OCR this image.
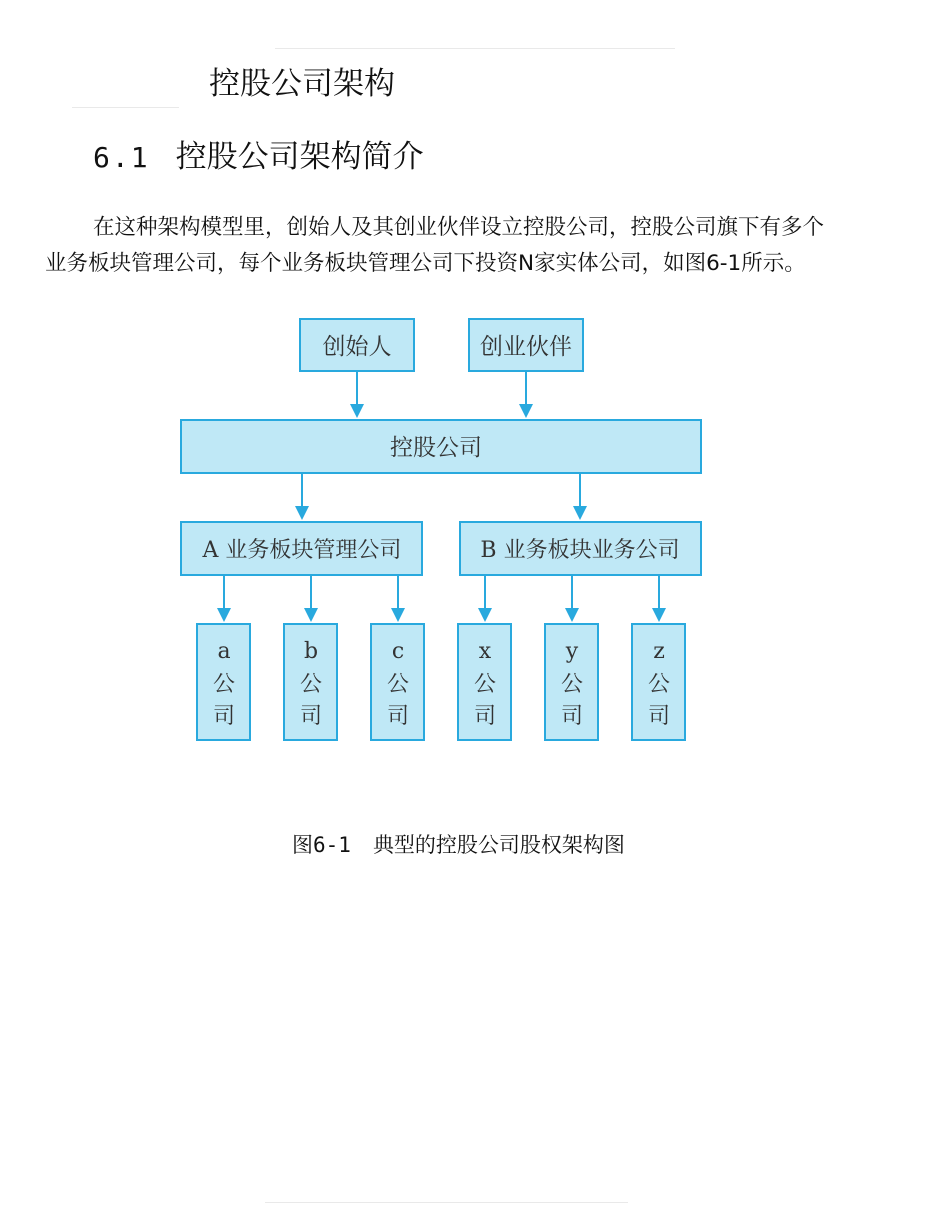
控股公司架构
6.1 控股公司架构简介

在这种架构模型里，创始人及其创业伙伴设立控股公司，控股公司旗下有多个

业务板块管理公司，每个业务板块管理公司下投资N家实体公司，如图6-1所示。

创始人	创业伙伴
控股公司
A 业务板块管理公司	B 业务板块业务公司
a
公
司
b
公
司
c
公
司
x
公
司
y
公
司
z
公
司
图6-1 典型的控股公司股权架构图
